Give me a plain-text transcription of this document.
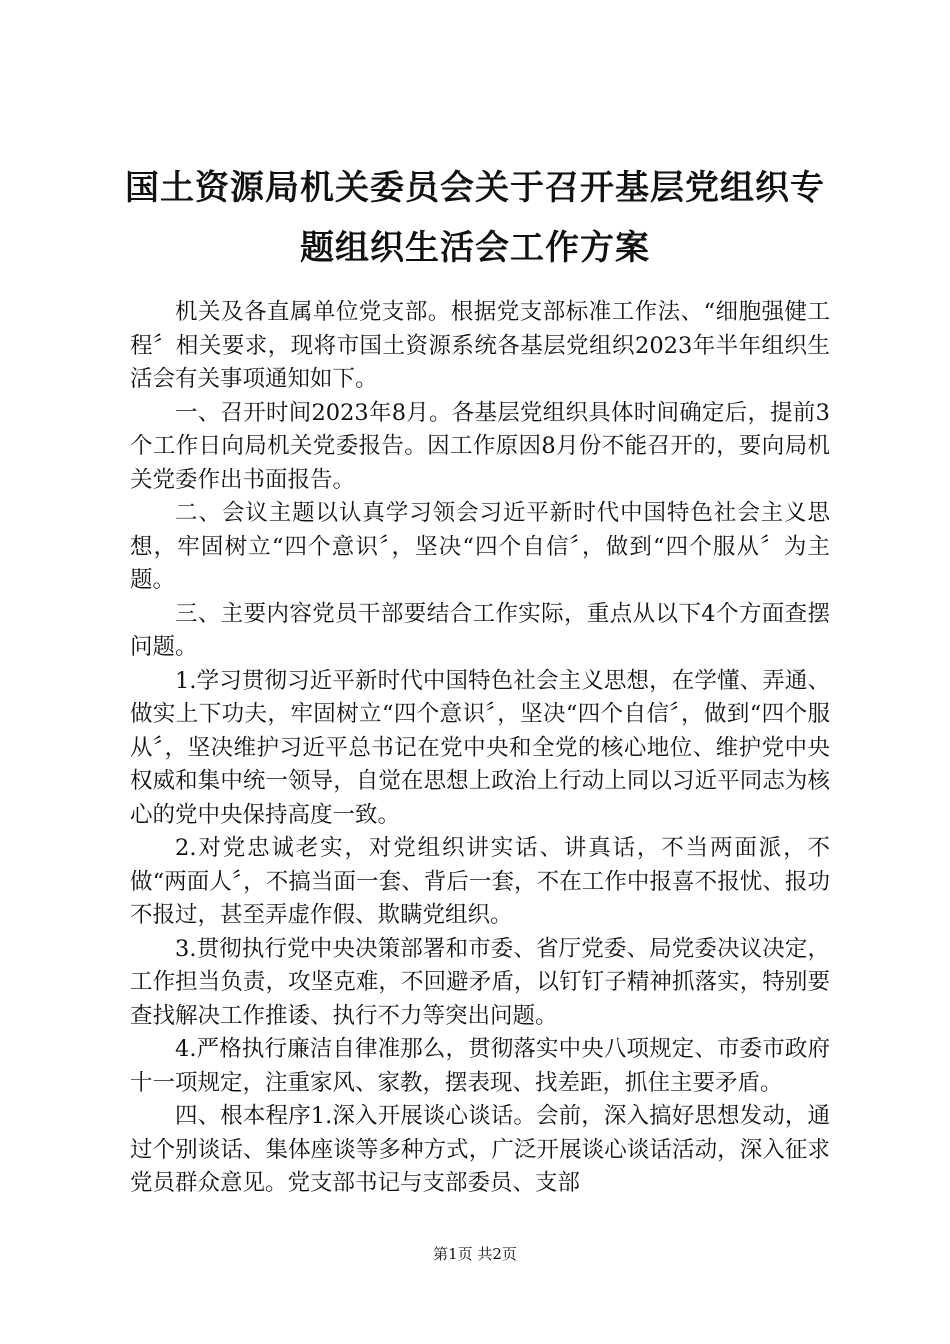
国土资源局机关委员会关于召开基层党组织专题组织生活会工作方案

机关及各直属单位党支部。根据党支部标准工作法、“细胞强健工程〞相关要求，现将市国土资源系统各基层党组织2023年半年组织生活会有关事项通知如下。

一、召开时间2023年8月。各基层党组织具体时间确定后，提前3个工作日向局机关党委报告。因工作原因8月份不能召开的，要向局机关党委作出书面报告。

二、会议主题以认真学习领会习近平新时代中国特色社会主义思想，牢固树立“四个意识〞，坚决“四个自信〞，做到“四个服从〞为主题。

三、主要内容党员干部要结合工作实际，重点从以下4个方面查摆问题。

1.学习贯彻习近平新时代中国特色社会主义思想，在学懂、弄通、做实上下功夫，牢固树立“四个意识〞，坚决“四个自信〞，做到“四个服从〞，坚决维护习近平总书记在党中央和全党的核心地位、维护党中央权威和集中统一领导，自觉在思想上政治上行动上同以习近平同志为核心的党中央保持高度一致。

2.对党忠诚老实，对党组织讲实话、讲真话，不当两面派，不做“两面人〞，不搞当面一套、背后一套，不在工作中报喜不报忧、报功不报过，甚至弄虚作假、欺瞒党组织。

3.贯彻执行党中央决策部署和市委、省厅党委、局党委决议决定，工作担当负责，攻坚克难，不回避矛盾，以钉钉子精神抓落实，特别要查找解决工作推诿、执行不力等突出问题。

4.严格执行廉洁自律准那么，贯彻落实中央八项规定、市委市政府十一项规定，注重家风、家教，摆表现、找差距，抓住主要矛盾。

四、根本程序1.深入开展谈心谈话。会前，深入搞好思想发动，通过个别谈话、集体座谈等多种方式，广泛开展谈心谈话活动，深入征求党员群众意见。党支部书记与支部委员、支部

第1页 共2页
